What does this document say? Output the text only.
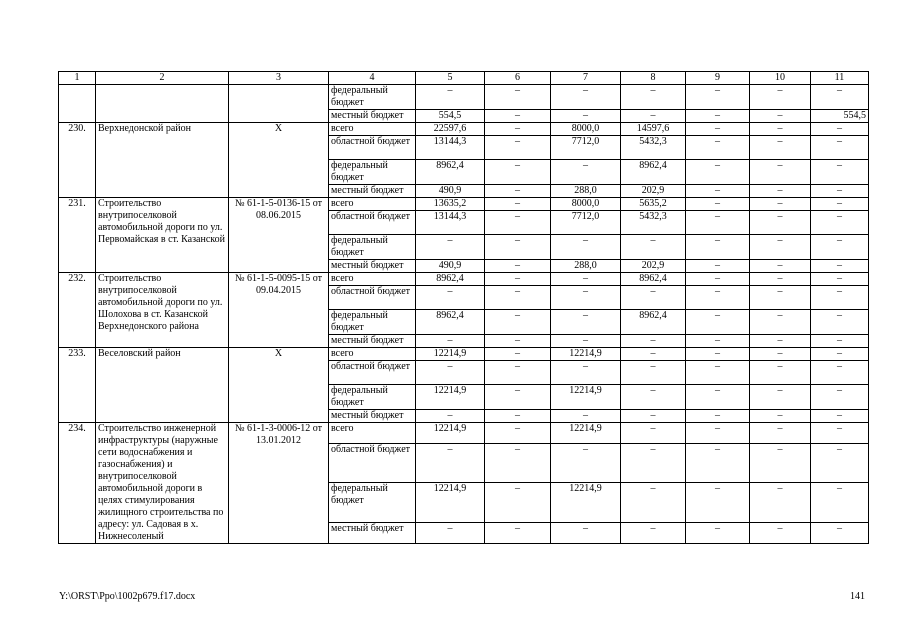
1	2	3	4	5	6	7	8	9	10	11
			федеральный бюджет	–	–	–	–	–	–	–
			местный бюджет	554,5	–	–	–	–	–	554,5
230.	Верхнедонской район	Х	всего	22597,6	–	8000,0	14597,6	–	–	–
			областной бюджет	13144,3	–	7712,0	5432,3	–	–	–
			федеральный бюджет	8962,4	–	–	8962,4	–	–	–
			местный бюджет	490,9	–	288,0	202,9	–	–	–
231.	Строительство внутрипоселковой автомобильной дороги по ул. Первомайская в ст. Казанской	№ 61-1-5-0136-15 от 08.06.2015	всего	13635,2	–	8000,0	5635,2	–	–	–
			областной бюджет	13144,3	–	7712,0	5432,3	–	–	–
			федеральный бюджет	–	–	–	–	–	–	–
			местный бюджет	490,9	–	288,0	202,9	–	–	–
232.	Строительство внутрипоселковой автомобильной дороги по ул. Шолохова в ст. Казанской Верхнедонского района	№ 61-1-5-0095-15 от 09.04.2015	всего	8962,4	–	–	8962,4	–	–	–
			областной бюджет	–	–	–	–	–	–	–
			федеральный бюджет	8962,4	–	–	8962,4	–	–	–
			местный бюджет	–	–	–	–	–	–	–
233.	Веселовский район	Х	всего	12214,9	–	12214,9	–	–	–	–
			областной бюджет	–	–	–	–	–	–	–
			федеральный бюджет	12214,9	–	12214,9	–	–	–	–
			местный бюджет	–	–	–	–	–	–	–
234.	Строительство инженерной инфраструктуры (наружные сети водоснабжения и газоснабжения) и внутрипоселковой автомобильной дороги в целях стимулирования жилищного строительства по адресу: ул. Садовая в х. Нижнесоленый	№ 61-1-3-0006-12 от 13.01.2012	всего	12214,9	–	12214,9	–	–	–	–
			областной бюджет	–	–	–	–	–	–	–
			федеральный бюджет	12214,9	–	12214,9	–	–	–	–
			местный бюджет	–	–	–	–	–	–	–
Y:\ORST\Ppo\1002p679.f17.docx	141
